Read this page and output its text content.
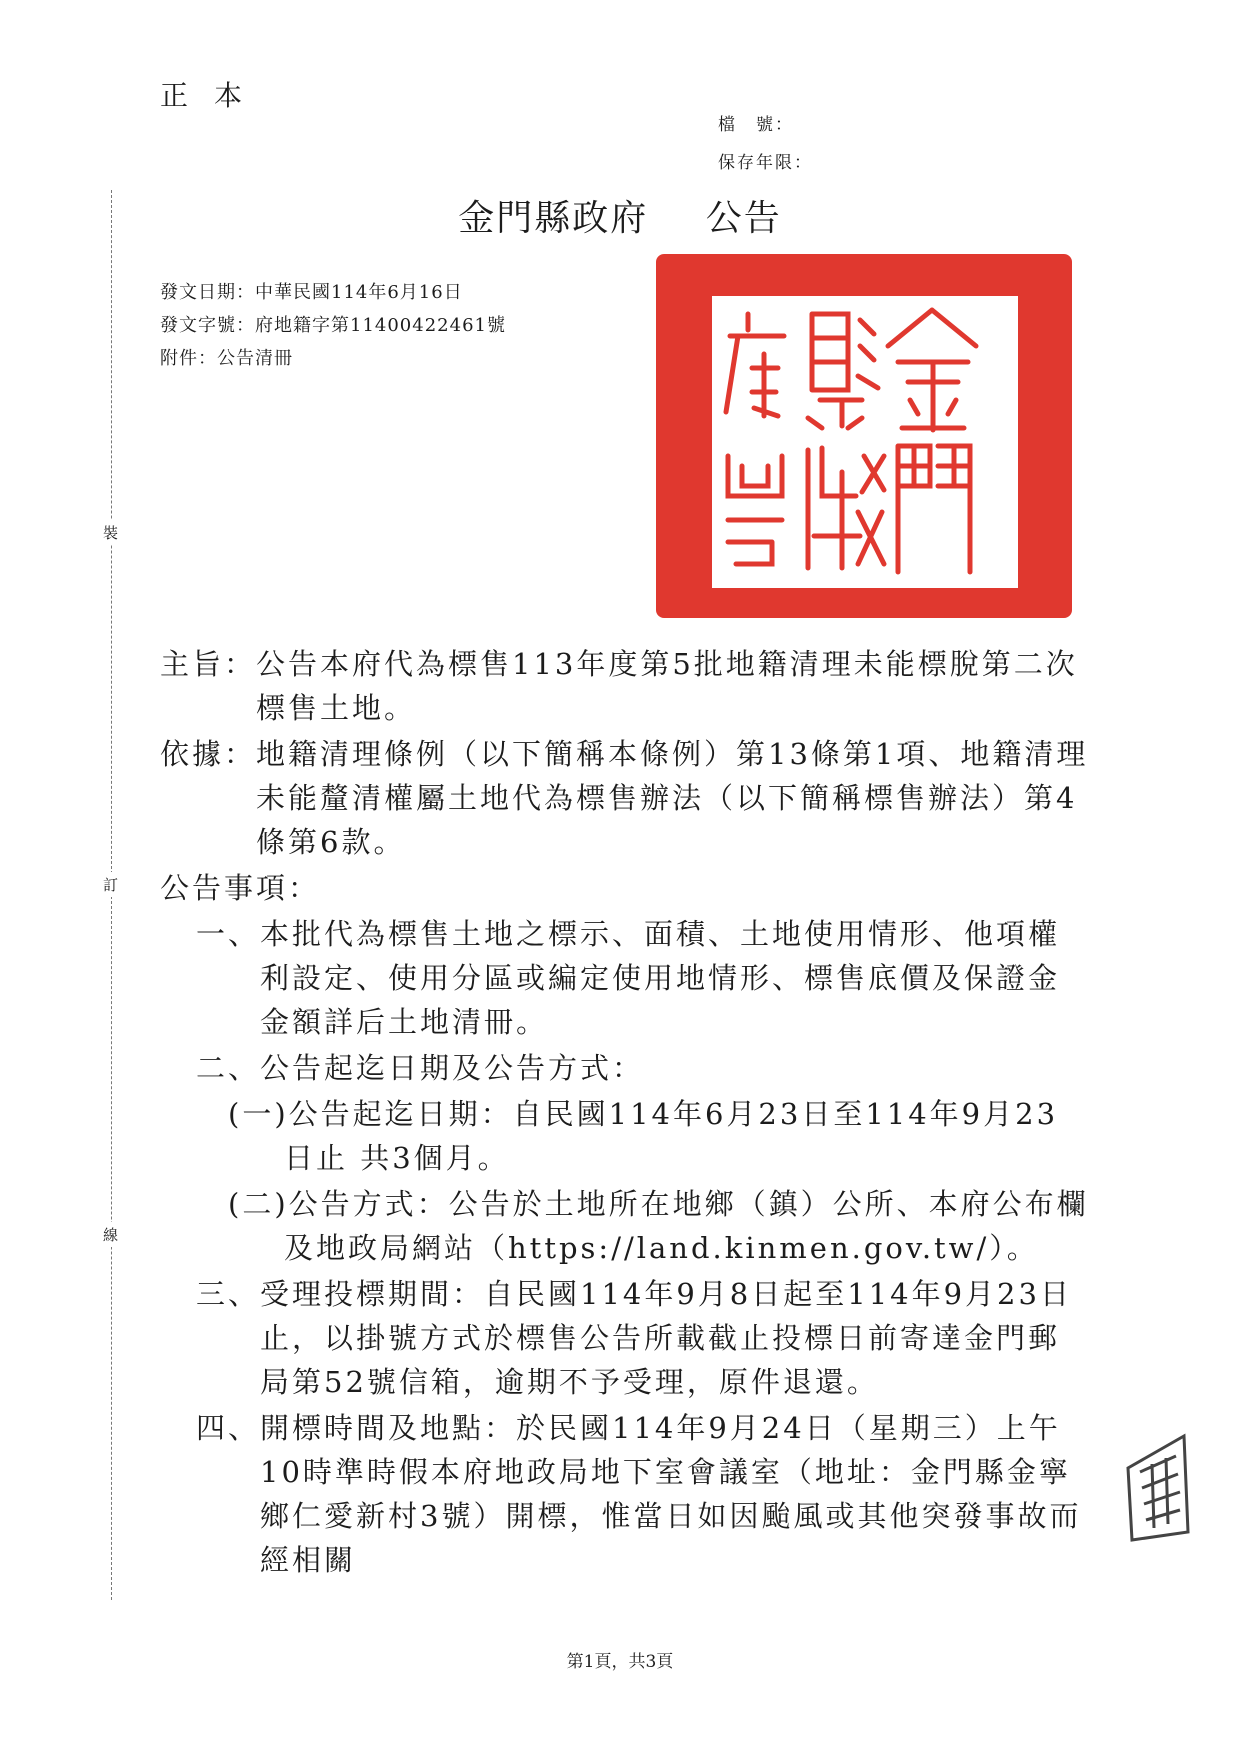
正本
檔　號：
保存年限：
裝
訂
線
金門縣政府 公告
發文日期：中華民國114年6月16日
發文字號：府地籍字第11400422461號
附件：公告清冊
主旨：公告本府代為標售113年度第5批地籍清理未能標脫第二次標售土地。
依據：地籍清理條例（以下簡稱本條例）第13條第1項、地籍清理未能釐清權屬土地代為標售辦法（以下簡稱標售辦法）第4條第6款。
公告事項：
一、本批代為標售土地之標示、面積、土地使用情形、他項權利設定、使用分區或編定使用地情形、標售底價及保證金金額詳后土地清冊。
二、公告起迄日期及公告方式：
(一)公告起迄日期：自民國114年6月23日至114年9月23日止 共3個月。
(二)公告方式：公告於土地所在地鄉（鎮）公所、本府公布欄及地政局網站（https://land.kinmen.gov.tw/）。
三、受理投標期間：自民國114年9月8日起至114年9月23日止，以掛號方式於標售公告所載截止投標日前寄達金門郵局第52號信箱，逾期不予受理，原件退還。
四、開標時間及地點：於民國114年9月24日（星期三）上午10時準時假本府地政局地下室會議室（地址：金門縣金寧鄉仁愛新村3號）開標，惟當日如因颱風或其他突發事故而經相關
第1頁，共3頁
